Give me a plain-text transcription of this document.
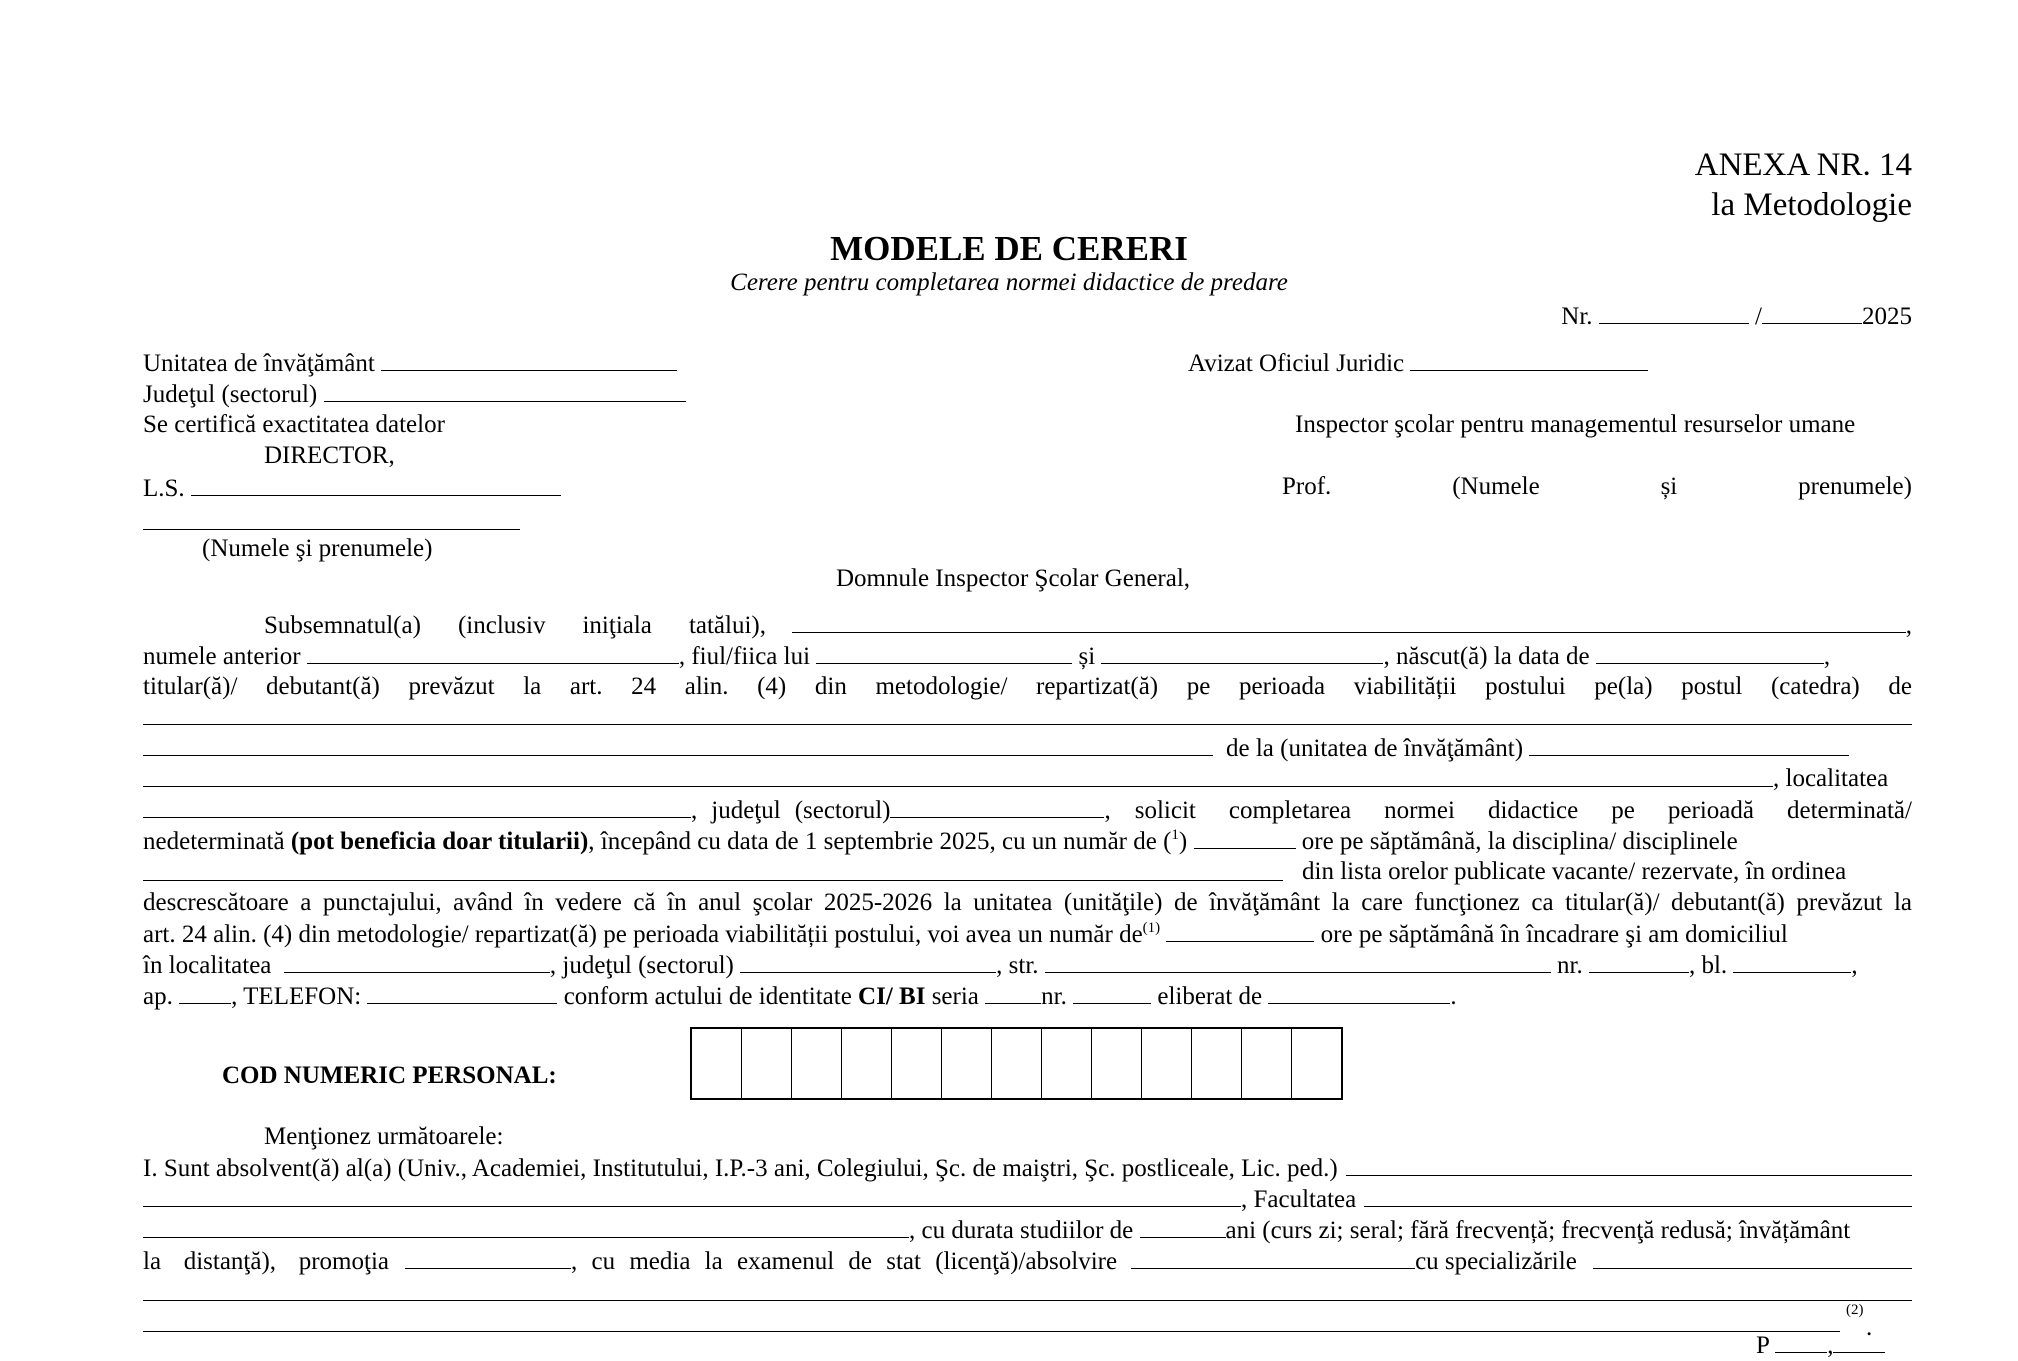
ANEXA NR. 14
la Metodologie
MODELE DE CERERI
Cerere pentru completarea normei didactice de predare
Nr.	/	2025
Unitatea de învăţământ
Judeţul (sectorul)
Se certifică exactitatea datelor
DIRECTOR,
L.S.
(Numele şi prenumele)
Avizat Oficiul Juridic
Inspector şcolar pentru managementul resurselor umane
Prof.	(Numele	și	prenumele)
Domnule Inspector Şcolar General,
Subsemnatul(a) (inclusiv iniţiala tatălui),	,
numele anterior	, fiul/fiica lui	și	, născut(ă) la data de	,
titular(ă)/ debutant(ă) prevăzut la art. 24 alin. (4) din metodologie/ repartizat(ă) pe perioada viabilității postului pe(la) postul (catedra) de
de la (unitatea de învăţământ)
, localitatea
, judeţul (sectorul)	, solicit completarea normei didactice pe perioadă determinată/
nedeterminată (pot beneficia doar titularii), începând cu data de 1 septembrie 2025, cu un număr de ($^1$)	ore pe săptămână, la disciplina/ disciplinele
din lista orelor publicate vacante/ rezervate, în ordinea
descrescătoare a punctajului, având în vedere că în anul şcolar 2025-2026 la unitatea (unităţile) de învăţământ la care funcţionez ca titular(ă)/ debutant(ă) prevăzut la
art. 24 alin. (4) din metodologie/ repartizat(ă) pe perioada viabilității postului, voi avea un număr $de^{(1)}$	ore pe săptămână în încadrare şi am domiciliul
în localitatea	, judeţul (sectorul)	, str.	nr.	, bl.	,
ap. , TELEFON:	conform actului de identitate CI/ BI seria nr.	eliberat de	.
COD NUMERIC PERSONAL:
Menţionez următoarele:
I. Sunt absolvent(ă) al(a) (Univ., Academiei, Institutului, I.P.-3 ani, Colegiului, Şc. de maiştri, Şc. postliceale, Lic. ped.)
, Facultatea
, cu durata studiilor de	ani (curs zi; seral; fără frecvență; frecvenţă redusă; învățământ
la distanţă), promoţia	, cu media la examenul de stat (licenţă)/absolvire	cu specializările
(2)
.
P ,
